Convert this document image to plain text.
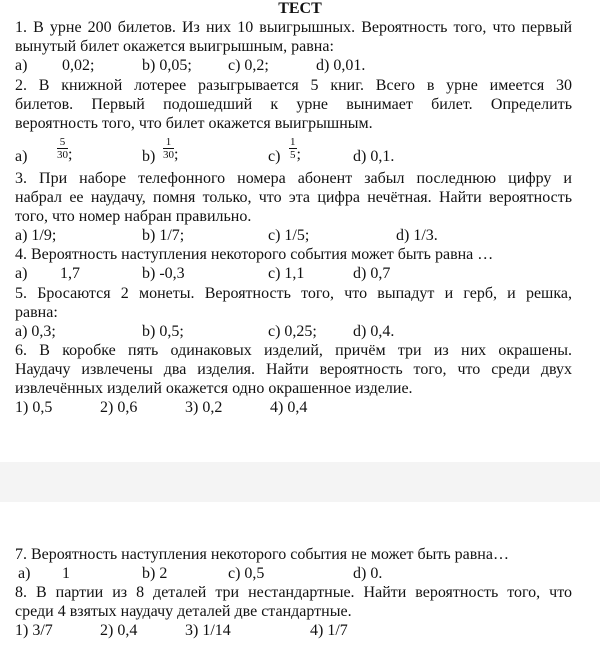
ТЕСТ
1. В урне 200 билетов. Из них 10 выигрышных. Вероятность того, что первый
вынутый билет окажется выигрышным, равна:
a) 0,02;	b) 0,05; c) 0,2;	d) 0,01.
2. В книжной лотерее разыгрывается 5 книг. Всего в урне имеется 30
билетов. Первый подошедший к урне вынимает билет. Определить
вероятность того, что билет окажется выигрышным.
a)	$\frac{5}{30}$ ;	$b) \frac{1}{30}$ ;	$c) \frac{1}{5}$ ;	d) 0,1.
3. При наборе телефонного номера абонент забыл последнюю цифру и
набрал ее наудачу, помня только, что эта цифра нечётная. Найти вероятность
того, что номер набран правильно.
a) 1/9;	b) 1/7;	c) 1/5;	d) 1/3.
4. Вероятность наступления некоторого события может быть равна …
a) 1,7	b) -0,3	c) 1,1	d) 0,7
5. Бросаются 2 монеты. Вероятность того, что выпадут и герб, и решка,
равна:
a) 0,3;	b) 0,5;	c) 0,25; d) 0,4.
6. В коробке пять одинаковых изделий, причём три из них окрашены.
Наудачу извлечены два изделия. Найти вероятность того, что среди двух
извлечённых изделий окажется одно окрашенное изделие.
1) 0,5	2) 0,6	3) 0,2	4) 0,4
7. Вероятность наступления некоторого события не может быть равна…
a) 1	b) 2	c) 0,5	d) 0.
8. В партии из 8 деталей три нестандартные. Найти вероятность того, что
среди 4 взятых наудачу деталей две стандартные.
1) 3/7	2) 0,4	3) 1/14	4) 1/7
